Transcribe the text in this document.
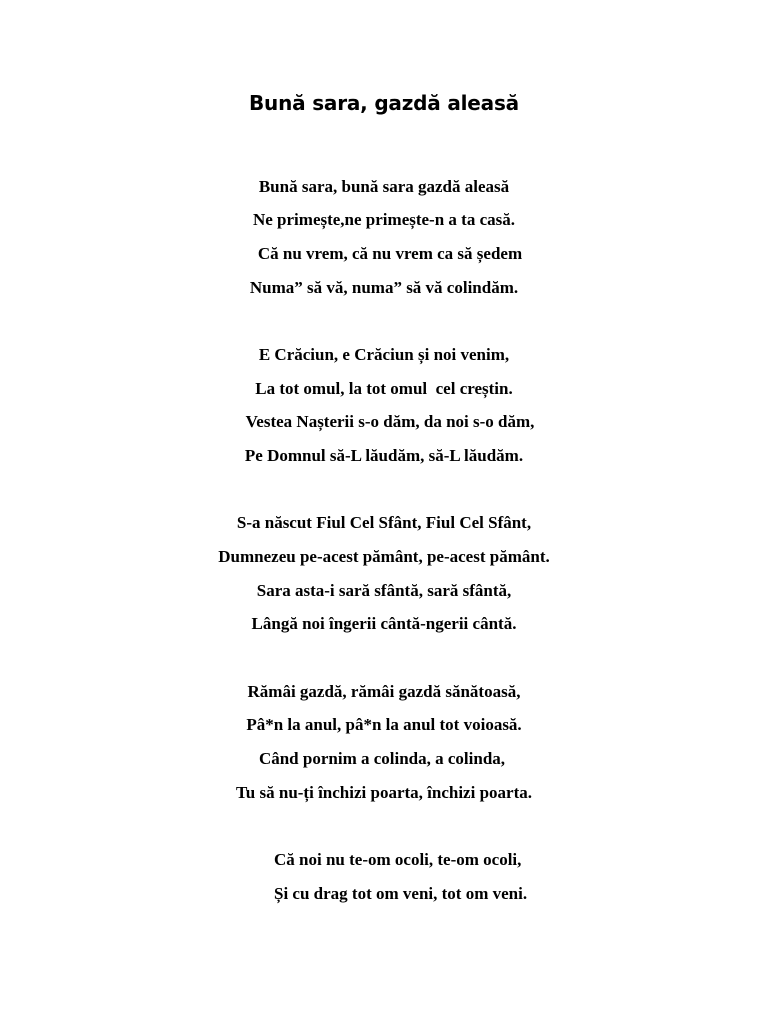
Bună sara, gazdă aleasă
Bună sara, bună sara gazdă aleasă
Ne primește,ne primește-n a ta casă.
Că nu vrem, că nu vrem ca să ședem
Numa” să vă, numa” să vă colindăm.
E Crăciun, e Crăciun și noi venim,
La tot omul, la tot omul  cel creștin.
Vestea Nașterii s-o dăm, da noi s-o dăm,
Pe Domnul să-L lăudăm, să-L lăudăm.
S-a născut Fiul Cel Sfânt, Fiul Cel Sfânt,
Dumnezeu pe-acest pământ, pe-acest pământ.
Sara asta-i sară sfântă, sară sfântă,
Lângă noi îngerii cântă-ngerii cântă.
Rămâi gazdă, rămâi gazdă sănătoasă,
Pâ*n la anul, pâ*n la anul tot voioasă.
Când pornim a colinda, a colinda,
Tu să nu-ți închizi poarta, închizi poarta.
Că noi nu te-om ocoli, te-om ocoli,
Și cu drag tot om veni, tot om veni.
